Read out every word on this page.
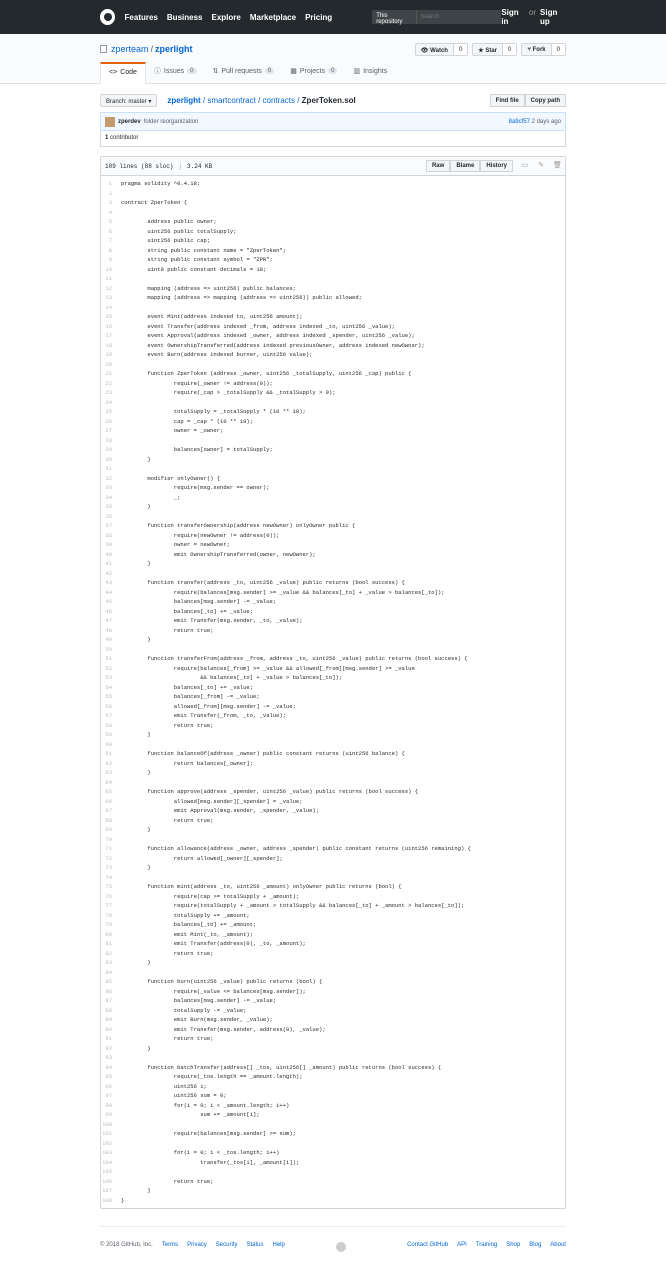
Features Business Explore Marketplace Pricing	This repository
Search
Sign in
or Sign up
zperteam / zperlight	👁 Watch	0	★ Star	0	⑂ Fork	0
<> Code ⓘ Issues	0	⇅ Pull requests	0	▦ Projects	0	▥ Insights
Branch: master ▾	zperlight / smartcontract / contracts / ZperToken.sol	Find file	Copy path
zperdev folder reorganization	8a9cf57 2 days ago
1 contributor
109 lines (88 sloc) | 3.24 KB	Raw	Blame	History	▭ ✎ 🗑
1	pragma solidity ^0.4.18;
2
3	contract ZperToken {
4
5	address public owner;
6	uint256 public totalSupply;
7	uint256 public cap;
8	string public constant name = "ZperToken";
9	string public constant symbol = "ZPR";
10	uint8 public constant decimals = 18;
11
12	mapping (address => uint256) public balances;
13	mapping (address => mapping (address => uint256)) public allowed;
14
15	event Mint(address indexed to, uint256 amount);
16	event Transfer(address indexed _from, address indexed _to, uint256 _value);
17	event Approval(address indexed _owner, address indexed _spender, uint256 _value);
18	event OwnershipTransferred(address indexed previousOwner, address indexed newOwner);
19	event Burn(address indexed burner, uint256 value);
20
21	function ZperToken (address _owner, uint256 _totalSupply, uint256 _cap) public {
22	require(_owner != address(0));
23	require(_cap > _totalSupply && _totalSupply > 0);
24
25	totalSupply = _totalSupply * (10 ** 18);
26	cap = _cap * (10 ** 18);
27	owner = _owner;
28
29	balances[owner] = totalSupply;
30	}
31
32	modifier onlyOwner() {
33	require(msg.sender == owner);
34	_;
35	}
36
37	function transferOwnership(address newOwner) onlyOwner public {
38	require(newOwner != address(0));
39	owner = newOwner;
40	emit OwnershipTransferred(owner, newOwner);
41	}
42
43	function transfer(address _to, uint256 _value) public returns (bool success) {
44	require(balances[msg.sender] >= _value && balances[_to] + _value > balances[_to]);
45	balances[msg.sender] -= _value;
46	balances[_to] += _value;
47	emit Transfer(msg.sender, _to, _value);
48	return true;
49	}
50
51	function transferFrom(address _from, address _to, uint256 _value) public returns (bool success) {
52	require(balances[_from] >= _value && allowed[_from][msg.sender] >= _value
53	&& balances[_to] + _value > balances[_to]);
54	balances[_to] += _value;
55	balances[_from] -= _value;
56	allowed[_from][msg.sender] -= _value;
57	emit Transfer(_from, _to, _value);
58	return true;
59	}
60
61	function balanceOf(address _owner) public constant returns (uint256 balance) {
62	return balances[_owner];
63	}
64
65	function approve(address _spender, uint256 _value) public returns (bool success) {
66	allowed[msg.sender][_spender] = _value;
67	emit Approval(msg.sender, _spender, _value);
68	return true;
69	}
70
71	function allowance(address _owner, address _spender) public constant returns (uint256 remaining) {
72	return allowed[_owner][_spender];
73	}
74
75	function mint(address _to, uint256 _amount) onlyOwner public returns (bool) {
76	require(cap >= totalSupply + _amount);
77	require(totalSupply + _amount > totalSupply && balances[_to] + _amount > balances[_to]);
78	totalSupply += _amount;
79	balances[_to] += _amount;
80	emit Mint(_to, _amount);
81	emit Transfer(address(0), _to, _amount);
82	return true;
83	}
84
85	function burn(uint256 _value) public returns (bool) {
86	require(_value <= balances[msg.sender]);
87	balances[msg.sender] -= _value;
88	totalSupply -= _value;
89	emit Burn(msg.sender, _value);
90	emit Transfer(msg.sender, address(0), _value);
91	return true;
92	}
93
94	function batchTransfer(address[] _tos, uint256[] _amount) public returns (bool success) {
95	require(_tos.length == _amount.length);
96	uint256 i;
97	uint256 sum = 0;
98	for(i = 0; i < _amount.length; i++)
99	sum += _amount[i];
100
101	require(balances[msg.sender] >= sum);
102
103	for(i = 0; i < _tos.length; i++)
104	transfer(_tos[i], _amount[i]);
105
106	return true;
107	}
108	}
© 2018 GitHub, Inc. Terms Privacy Security Status Help	Contact GitHub API Training Shop Blog About
